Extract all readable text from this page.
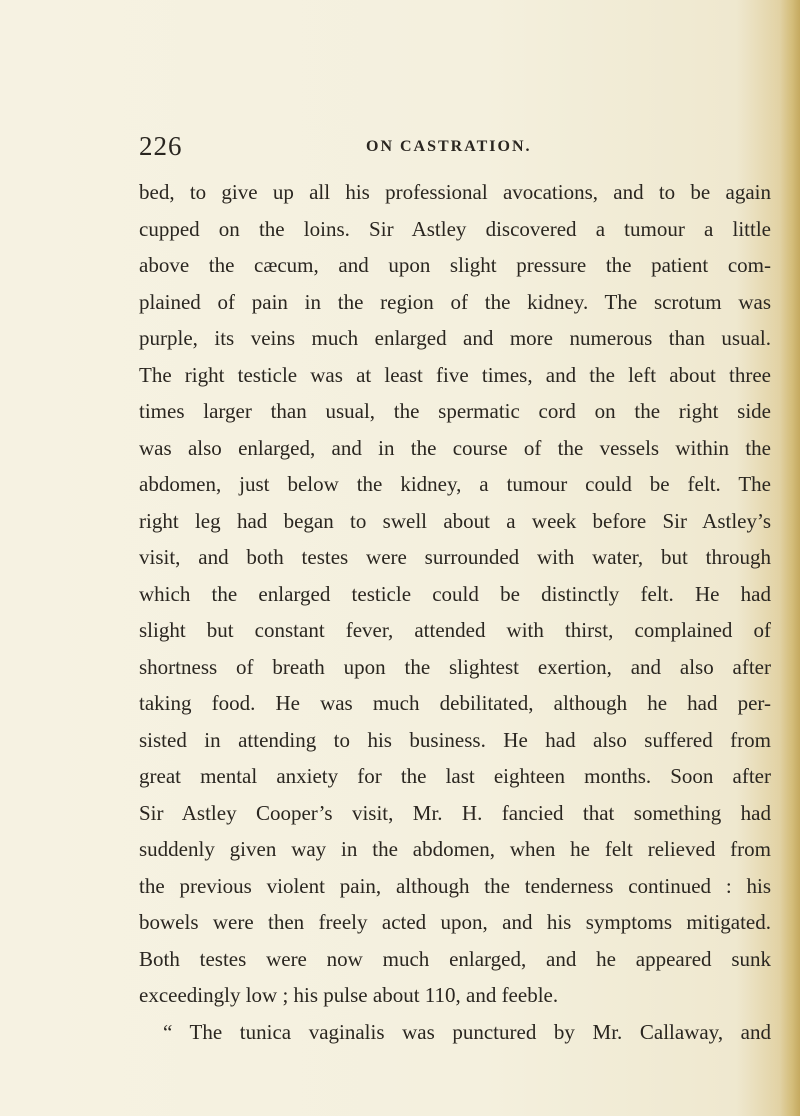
226	ON CASTRATION.
bed, to give up all his professional avocations, and to be again
cupped on the loins. Sir Astley discovered a tumour a little
above the cæcum, and upon slight pressure the patient com-
plained of pain in the region of the kidney. The scrotum was
purple, its veins much enlarged and more numerous than usual.
The right testicle was at least five times, and the left about three
times larger than usual, the spermatic cord on the right side
was also enlarged, and in the course of the vessels within the
abdomen, just below the kidney, a tumour could be felt. The
right leg had began to swell about a week before Sir Astley’s
visit, and both testes were surrounded with water, but through
which the enlarged testicle could be distinctly felt. He had
slight but constant fever, attended with thirst, complained of
shortness of breath upon the slightest exertion, and also after
taking food. He was much debilitated, although he had per-
sisted in attending to his business. He had also suffered from
great mental anxiety for the last eighteen months. Soon after
Sir Astley Cooper’s visit, Mr. H. fancied that something had
suddenly given way in the abdomen, when he felt relieved from
the previous violent pain, although the tenderness continued : his
bowels were then freely acted upon, and his symptoms mitigated.
Both testes were now much enlarged, and he appeared sunk
exceedingly low ; his pulse about 110, and feeble.
“ The tunica vaginalis was punctured by Mr. Callaway, and
